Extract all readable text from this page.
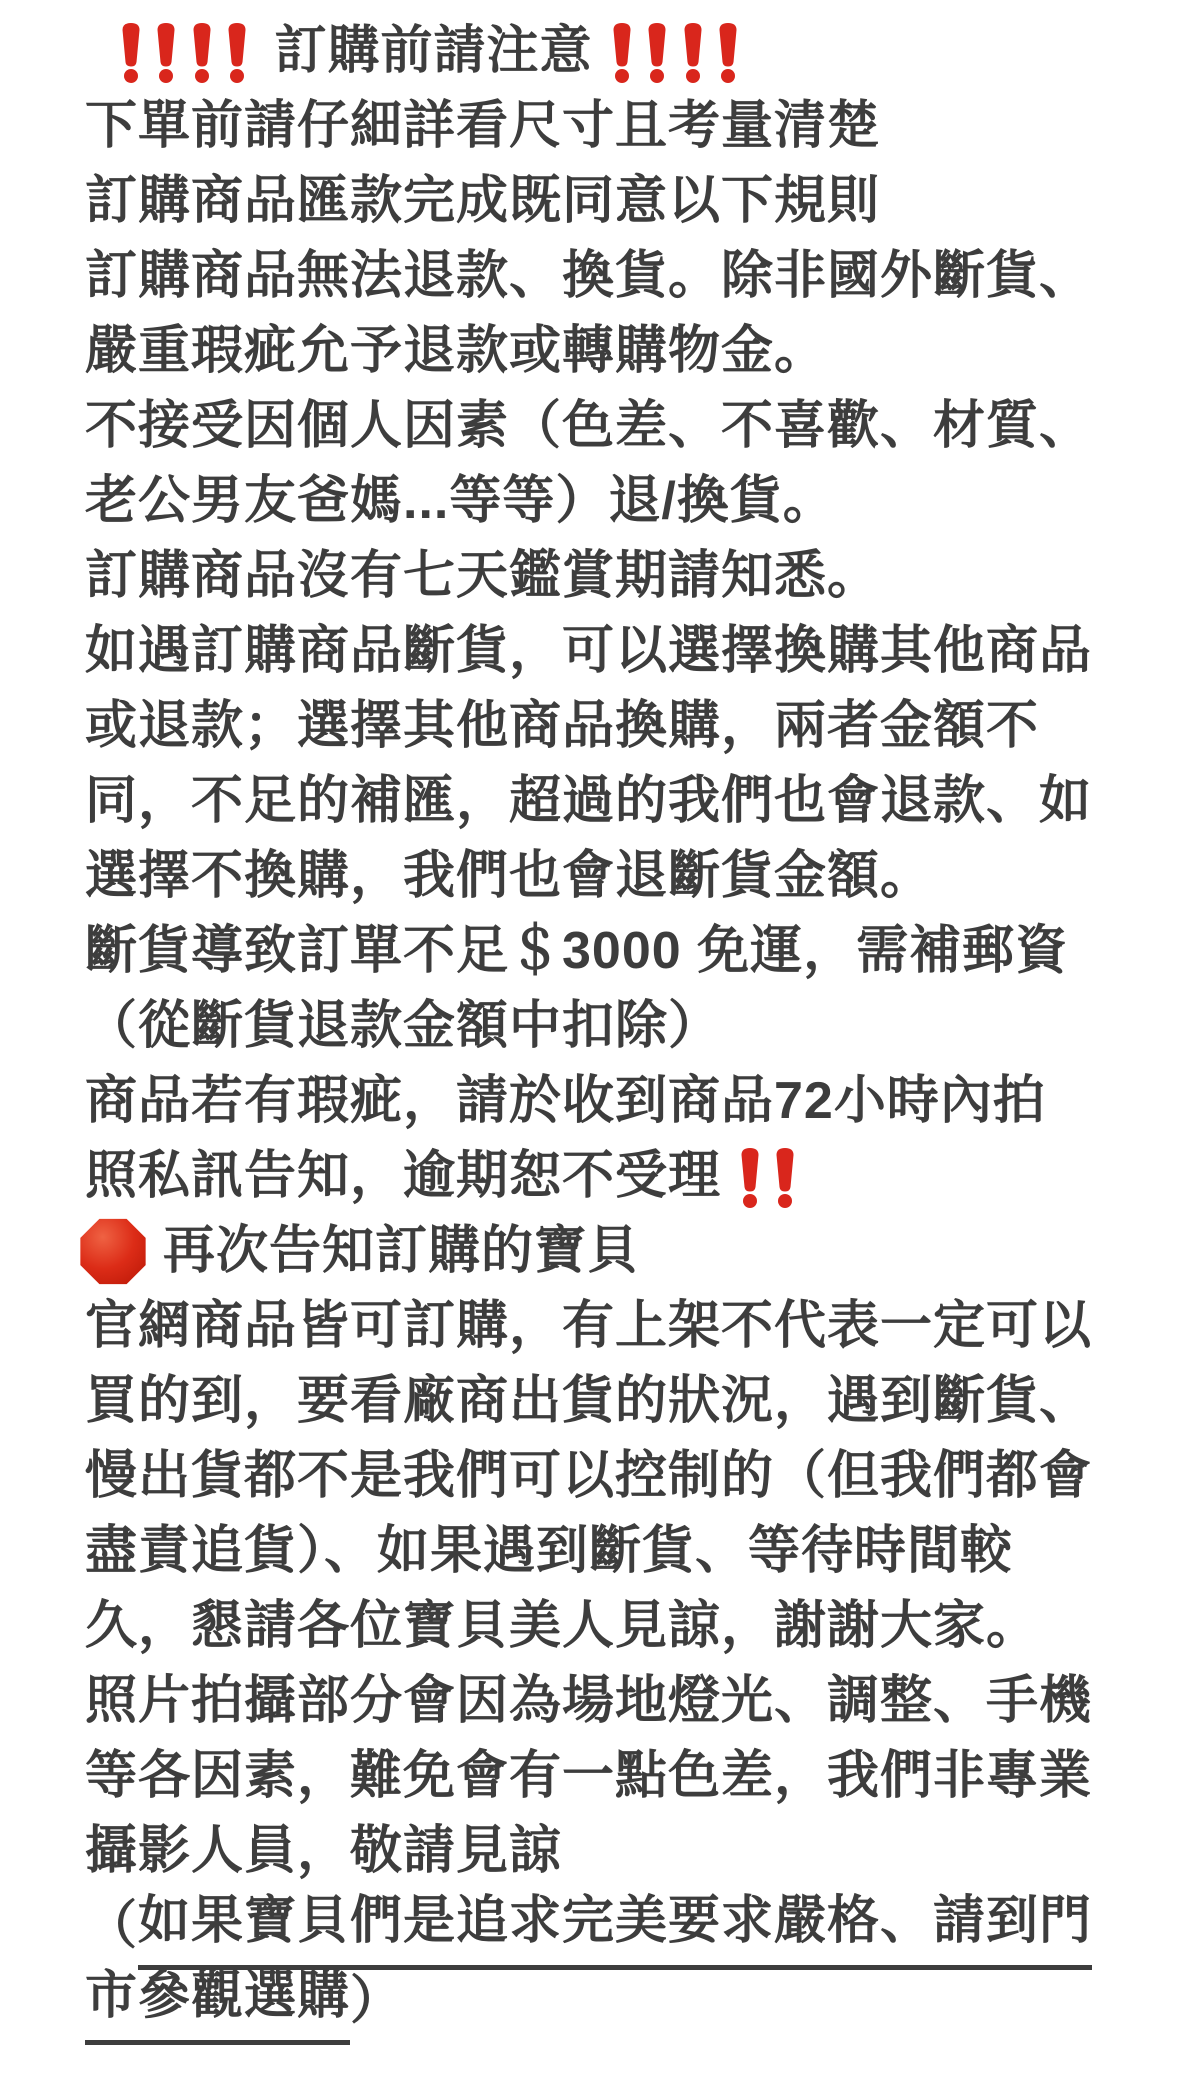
訂購前請注意
下單前請仔細詳看尺寸且考量清楚
訂購商品匯款完成既同意以下規則
訂購商品無法退款、換貨。除非國外斷貨、
嚴重瑕疵允予退款或轉購物金。
不接受因個人因素（色差、不喜歡、材質、
老公男友爸媽...等等）退/換貨。
訂購商品沒有七天鑑賞期請知悉。
如遇訂購商品斷貨，可以選擇換購其他商品
或退款；選擇其他商品換購，兩者金額不
同，不足的補匯，超過的我們也會退款、如
選擇不換購，我們也會退斷貨金額。
斷貨導致訂單不足＄3000 免運，需補郵資
（從斷貨退款金額中扣除）
商品若有瑕疵，請於收到商品72小時內拍
照私訊告知，逾期恕不受理
再次告知訂購的寶貝
官網商品皆可訂購，有上架不代表一定可以
買的到，要看廠商出貨的狀況，遇到斷貨、
慢出貨都不是我們可以控制的（但我們都會
盡責追貨）、如果遇到斷貨、等待時間較
久，懇請各位寶貝美人見諒，謝謝大家。
照片拍攝部分會因為場地燈光、調整、手機
等各因素，難免會有一點色差，我們非專業
攝影人員，敬請見諒
（ 如果寶貝們是追求完美要求嚴格、請到門
市參觀選購 ）
